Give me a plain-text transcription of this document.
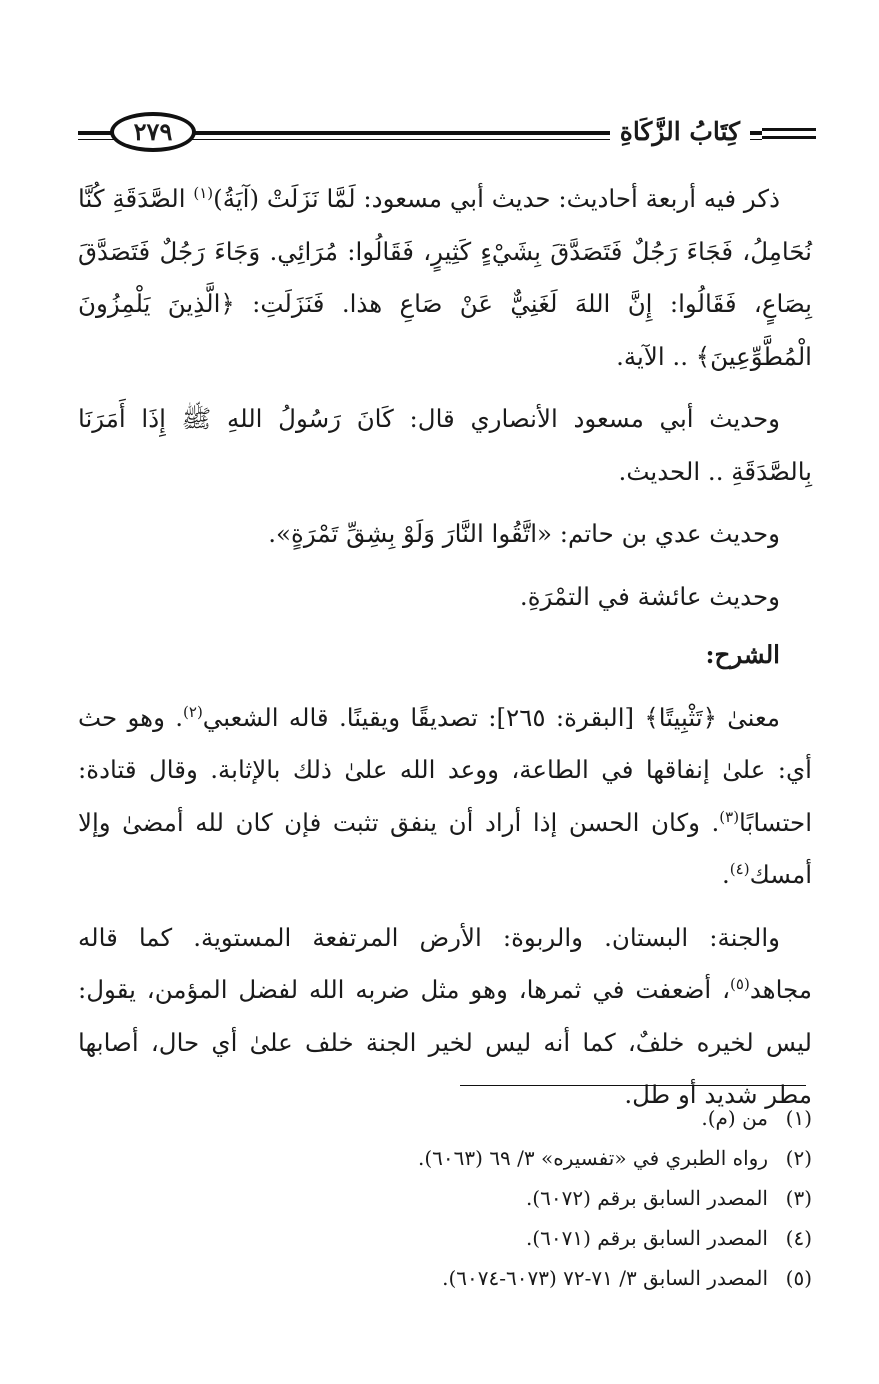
كِتَابُ الزَّكَاةِ
٢٧٩

ذكر فيه أربعة أحاديث: حديث أبي مسعود: لَمَّا نَزَلَتْ (آيَةُ)$^{(١)}$ الصَّدَقَةِ كُنَّا نُحَامِلُ، فَجَاءَ رَجُلٌ فَتَصَدَّقَ بِشَيْءٍ كَثِيرٍ، فَقَالُوا: مُرَائِي. وَجَاءَ رَجُلٌ فَتَصَدَّقَ بِصَاعٍ، فَقَالُوا: إِنَّ اللهَ لَغَنِيٌّ عَنْ صَاعِ هذا. فَنَزَلَتِ: ﴿الَّذِينَ يَلْمِزُونَ الْمُطَّوِّعِينَ﴾ .. الآية.

وحديث أبي مسعود الأنصاري قال: كَانَ رَسُولُ اللهِ ﷺ إِذَا أَمَرَنَا بِالصَّدَقَةِ .. الحديث.

وحديث عدي بن حاتم: «اتَّقُوا النَّارَ وَلَوْ بِشِقِّ تَمْرَةٍ».

وحديث عائشة في التمْرَةِ.

الشرح:

معنىٰ ﴿تَثْبِيتًا﴾ [البقرة: ٢٦٥]: تصديقًا ويقينًا. قاله الشعبي$^{(٢)}$. وهو حث أي: علىٰ إنفاقها في الطاعة، ووعد الله علىٰ ذلك بالإثابة. وقال قتادة: احتسابًا$^{(٣)}$. وكان الحسن إذا أراد أن ينفق تثبت فإن كان لله أمضىٰ وإلا أمسك$^{(٤)}$.

والجنة: البستان. والربوة: الأرض المرتفعة المستوية. كما قاله مجاهد$^{(٥)}$، أضعفت في ثمرها، وهو مثل ضربه الله لفضل المؤمن، يقول: ليس لخيره خلفٌ، كما أنه ليس لخير الجنة خلف علىٰ أي حال، أصابها مطر شديد أو طل.

(١)من (م).
(٢)رواه الطبري في «تفسيره» ٣/ ٦٩ (٦٠٦٣).
(٣)المصدر السابق برقم (٦٠٧٢).
(٤)المصدر السابق برقم (٦٠٧١).
(٥)المصدر السابق ٣/ ٧١-٧٢ (٦٠٧٣-٦٠٧٤).
